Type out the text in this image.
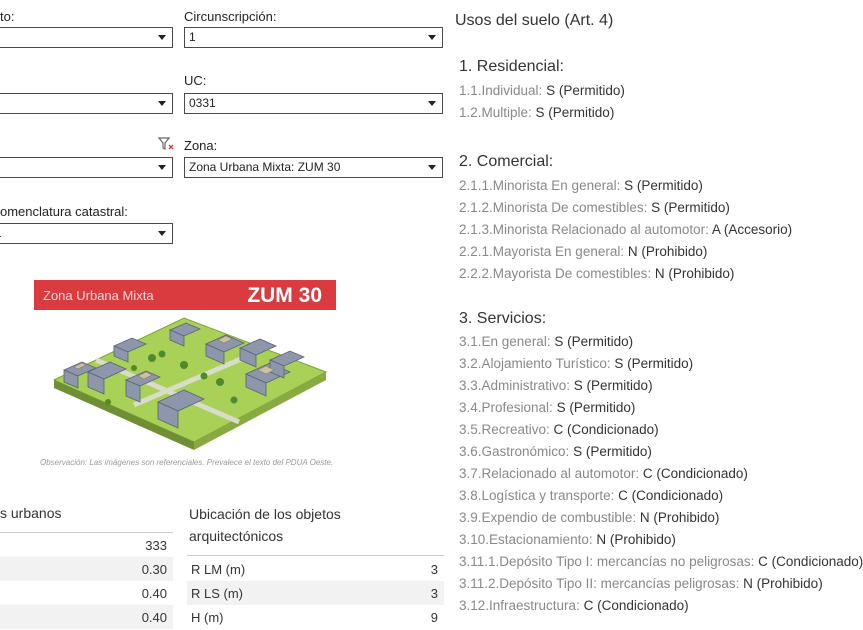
to:
omenclatura catastral:
Circunscripción:
1
UC:
0331
Zona:
Zona Urbana Mixta: ZUM 30
Zona Urbana Mixta	ZUM 30
Observación: Las imágenes son referenciales. Prevalece el texto del PDUA Oeste.
s urbanos
333
0.30
0.40
0.40
Ubicación de los objetos
arquitectónicos
R LM (m)	3
R LS (m)	3
H (m)	9
Usos del suelo (Art. 4)
1. Residencial:
1.1.Individual: S (Permitido)
1.2.Multiple: S (Permitido)
2. Comercial:
2.1.1.Minorista En general: S (Permitido)
2.1.2.Minorista De comestibles: S (Permitido)
2.1.3.Minorista Relacionado al automotor: A (Accesorio)
2.2.1.Mayorista En general: N (Prohibido)
2.2.2.Mayorista De comestibles: N (Prohibido)
3. Servicios:
3.1.En general: S (Permitido)
3.2.Alojamiento Turístico: S (Permitido)
3.3.Administrativo: S (Permitido)
3.4.Profesional: S (Permitido)
3.5.Recreativo: C (Condicionado)
3.6.Gastronómico: S (Permitido)
3.7.Relacionado al automotor: C (Condicionado)
3.8.Logística y transporte: C (Condicionado)
3.9.Expendio de combustible: N (Prohibido)
3.10.Estacionamiento: N (Prohibido)
3.11.1.Depósito Tipo I: mercancías no peligrosas: C (Condicionado)
3.11.2.Depósito Tipo II: mercancías peligrosas: N (Prohibido)
3.12.Infraestructura: C (Condicionado)
